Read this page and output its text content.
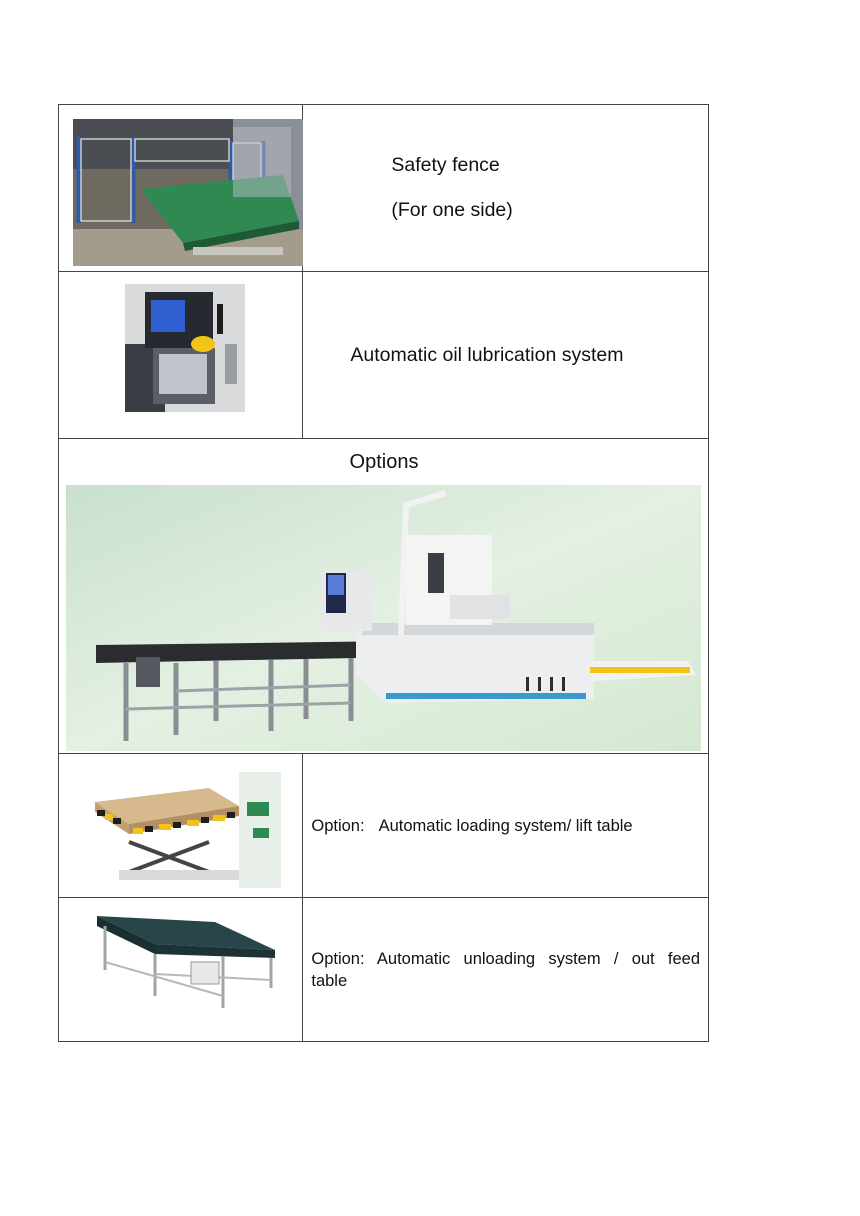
Safety fence

(For one side)

Automatic oil lubrication system

Options	

Option: Automatic loading system/ lift table

Option: Automatic unloading system / out feed
table
